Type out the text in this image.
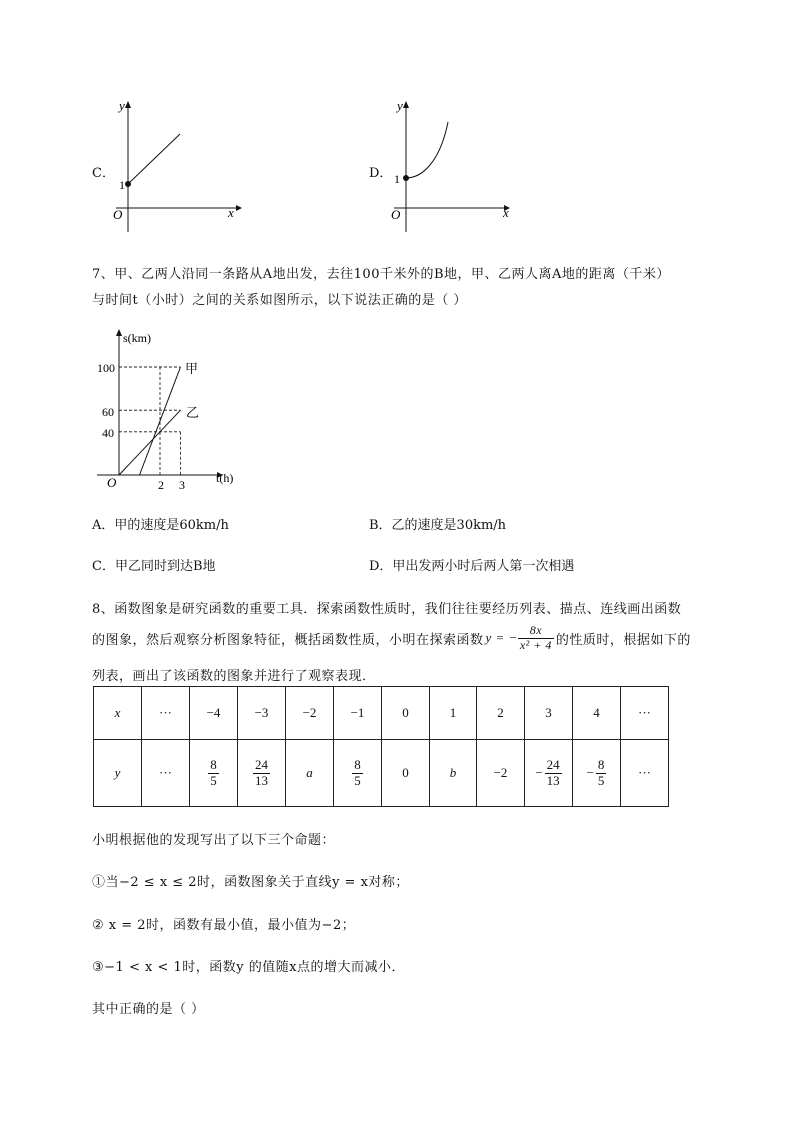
C．
y
x
O
1
D．
y
x
O
1
7、甲、乙两人沿同一条路从A地出发，去往100千米外的B地，甲、乙两人离A地的距离（千米）
与时间t（小时）之间的关系如图所示，以下说法正确的是（ ）
s(km)
t(h)
O
100
60
40
2 3
甲
乙
A．甲的速度是60km/h	B．乙的速度是30km/h
C．甲乙同时到达B地	D．甲出发两小时后两人第一次相遇
8、函数图象是研究函数的重要工具．探索函数性质时，我们往往要经历列表、描点、连线画出函数
的图象，然后观察分析图象特征，概括函数性质，小明在探索函数 y = − $\frac{8x}{\text{x² + 4}}$ 的性质时，根据如下的
列表，画出了该函数的图象并进行了观察表现．
x	···	−4	−3	−2	−1	0	1	2	3	4	···
y	···	$\frac{8}{5}$	$\frac{24}{13}$	a	$\frac{8}{5}$	0	b	−2	− $\frac{24}{13}$	− $\frac{8}{5}$	···
小明根据他的发现写出了以下三个命题：
①当−2 ≤ x ≤ 2时，函数图象关于直线y = x对称；
② x = 2时，函数有最小值，最小值为−2；
③−1 < x < 1时，函数y 的值随x点的增大而减小．
其中正确的是（ ）
